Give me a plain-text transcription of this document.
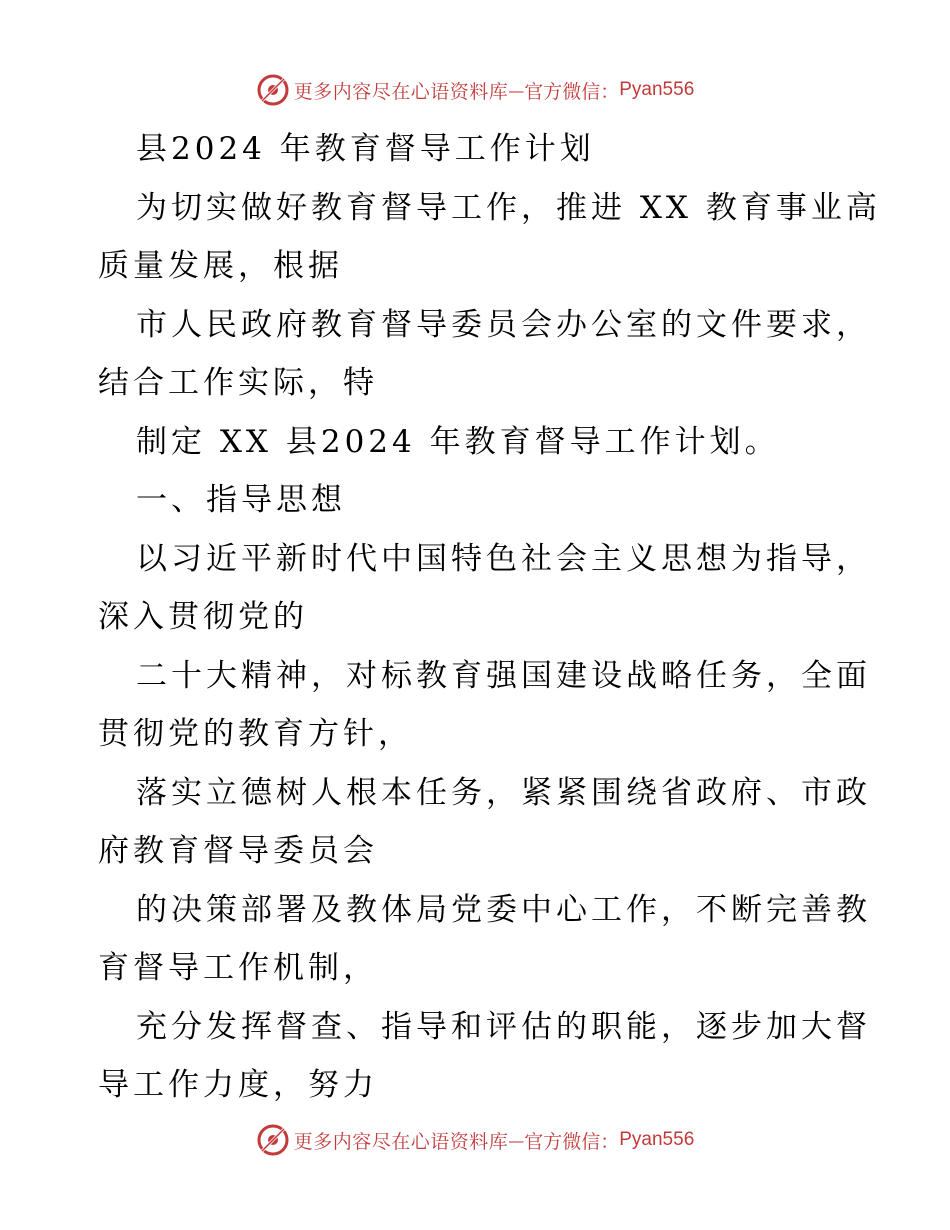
更多内容尽在心语资料库 — 官方微信： Pyan556
县2024 年教育督导工作计划
为切实做好教育督导工作，推进 XX 教育事业高
质量发展，根据
市人民政府教育督导委员会办公室的文件要求，
结合工作实际，特
制定 XX 县2024 年教育督导工作计划。
一、指导思想
以习近平新时代中国特色社会主义思想为指导，
深入贯彻党的
二十大精神，对标教育强国建设战略任务，全面
贯彻党的教育方针，
落实立德树人根本任务，紧紧围绕省政府、市政
府教育督导委员会
的决策部署及教体局党委中心工作，不断完善教
育督导工作机制，
充分发挥督查、指导和评估的职能，逐步加大督
导工作力度，努力
更多内容尽在心语资料库 — 官方微信： Pyan556
